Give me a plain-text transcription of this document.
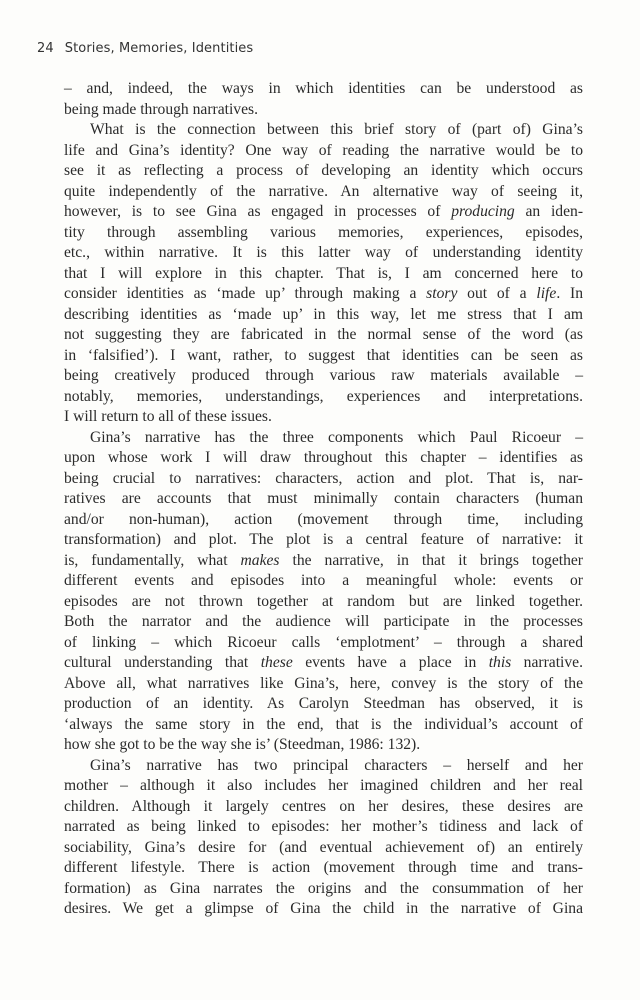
24 Stories, Memories, Identities
– and, indeed, the ways in which identities can be understood as
being made through narratives.
What is the connection between this brief story of (part of) Gina’s
life and Gina’s identity? One way of reading the narrative would be to
see it as reflecting a process of developing an identity which occurs
quite independently of the narrative. An alternative way of seeing it,
however, is to see Gina as engaged in processes of producing an iden-
tity through assembling various memories, experiences, episodes,
etc., within narrative. It is this latter way of understanding identity
that I will explore in this chapter. That is, I am concerned here to
consider identities as ‘made up’ through making a story out of a life. In
describing identities as ‘made up’ in this way, let me stress that I am
not suggesting they are fabricated in the normal sense of the word (as
in ‘falsified’). I want, rather, to suggest that identities can be seen as
being creatively produced through various raw materials available –
notably, memories, understandings, experiences and interpretations.
I will return to all of these issues.
Gina’s narrative has the three components which Paul Ricoeur –
upon whose work I will draw throughout this chapter – identifies as
being crucial to narratives: characters, action and plot. That is, nar-
ratives are accounts that must minimally contain characters (human
and/or non-human), action (movement through time, including
transformation) and plot. The plot is a central feature of narrative: it
is, fundamentally, what makes the narrative, in that it brings together
different events and episodes into a meaningful whole: events or
episodes are not thrown together at random but are linked together.
Both the narrator and the audience will participate in the processes
of linking – which Ricoeur calls ‘emplotment’ – through a shared
cultural understanding that these events have a place in this narrative.
Above all, what narratives like Gina’s, here, convey is the story of the
production of an identity. As Carolyn Steedman has observed, it is
‘always the same story in the end, that is the individual’s account of
how she got to be the way she is’ (Steedman, 1986: 132).
Gina’s narrative has two principal characters – herself and her
mother – although it also includes her imagined children and her real
children. Although it largely centres on her desires, these desires are
narrated as being linked to episodes: her mother’s tidiness and lack of
sociability, Gina’s desire for (and eventual achievement of) an entirely
different lifestyle. There is action (movement through time and trans-
formation) as Gina narrates the origins and the consummation of her
desires. We get a glimpse of Gina the child in the narrative of Gina
